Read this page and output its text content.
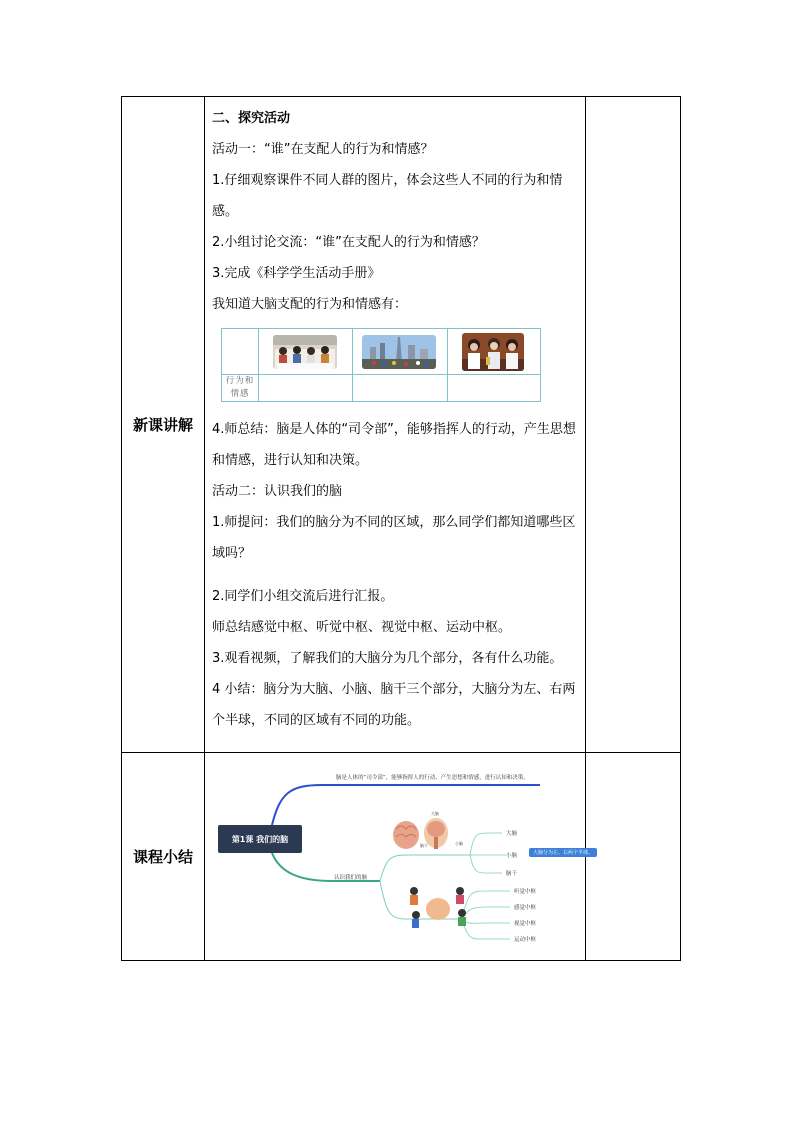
新课讲解
课程小结

二、探究活动

活动一：“谁”在支配人的行为和情感？

1.仔细观察课件不同人群的图片，体会这些人不同的行为和情感。

2.小组讨论交流：“谁”在支配人的行为和情感？

3.完成《科学学生活动手册》

我知道大脑支配的行为和情感有：

行为和情感

4.师总结：脑是人体的“司令部”，能够指挥人的行动，产生思想和情感，进行认知和决策。

活动二：认识我们的脑

1.师提问：我们的脑分为不同的区域，那么同学们都知道哪些区域吗？

2.同学们小组交流后进行汇报。

师总结感觉中枢、听觉中枢、视觉中枢、运动中枢。

3.观看视频，了解我们的大脑分为几个部分，各有什么功能。

4 小结：脑分为大脑、小脑、脑干三个部分，大脑分为左、右两个半球，不同的区域有不同的功能。

第1课 我们的脑
脑是人体的“司令部”，能够指挥人的行动、产生思想和情感，进行认知和决策。
认识我们的脑
大脑
脑干	小脑
大脑
小脑
脑干
大脑分为左、右两个半球。
听觉中枢
感觉中枢
视觉中枢
运动中枢
